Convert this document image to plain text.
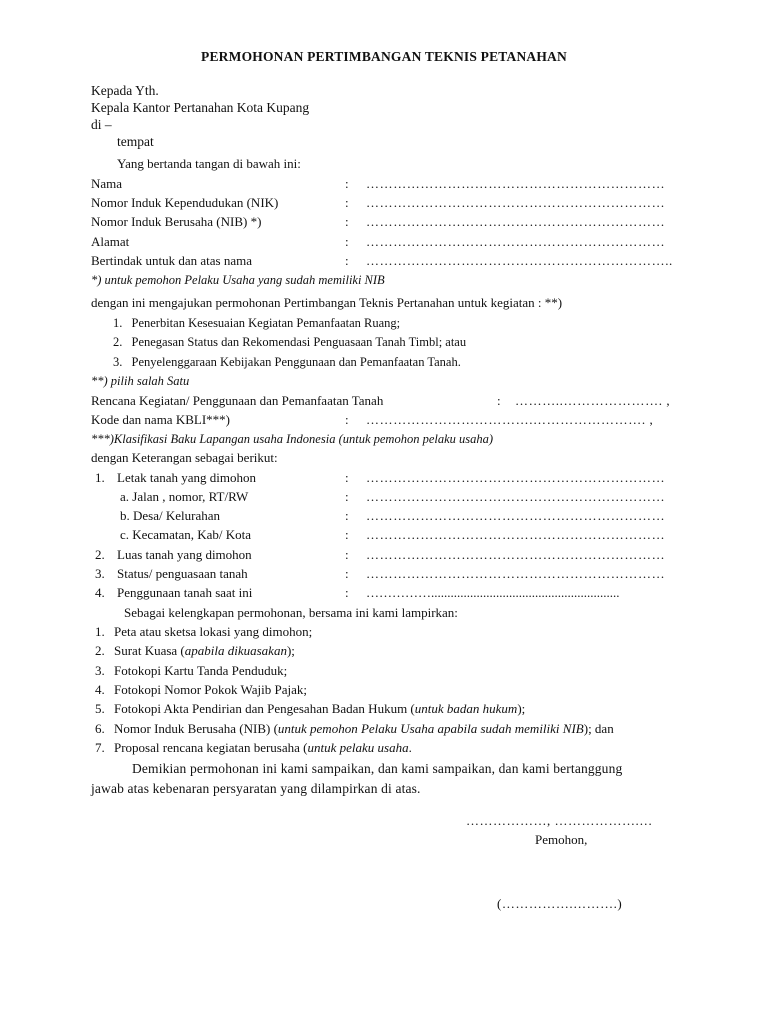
PERMOHONAN PERTIMBANGAN TEKNIS PETANAHAN
Kepada Yth.
Kepala Kantor Pertanahan Kota Kupang
di –
tempat
Yang bertanda tangan di bawah ini:
Nama	: …………………………………………………………
Nomor Induk Kependudukan (NIK)	: …………………………………………………………
Nomor Induk Berusaha (NIB) *)	: …………………………………………………………
Alamat	: …………………………………………………………
Bertindak untuk dan atas nama	: …………………………………………………………..
*) untuk pemohon Pelaku Usaha yang sudah memiliki NIB
dengan ini mengajukan permohonan Pertimbangan Teknis Pertanahan untuk kegiatan : **)
1. Penerbitan Kesesuaian Kegiatan Pemanfaatan Ruang;
2. Penegasan Status dan Rekomendasi Penguasaan Tanah Timbl; atau
3. Penyelenggaraan Kebijakan Penggunaan dan Pemanfaatan Tanah.
**) pilih salah Satu
Rencana Kegiatan/ Penggunaan dan Pemanfaatan Tanah	: ………..…………………. ,
Kode dan nama KBLI***)	: ……………………………….……………………. ,
***)Klasifikasi Baku Lapangan usaha Indonesia (untuk pemohon pelaku usaha)
dengan Keterangan sebagai berikut:
1. Letak tanah yang dimohon	: …………………………………………………………
a. Jalan , nomor, RT/RW	: …………………………………………………………
b. Desa/ Kelurahan	: …………………………………………………………
c. Kecamatan, Kab/ Kota	: …………………………………………………………
2. Luas tanah yang dimohon	: …………………………………………………………
3. Status/ penguasaan tanah	: …………………………………………………………
4. Penggunaan tanah saat ini	: ……………..........................................................
Sebagai kelengkapan permohonan, bersama ini kami lampirkan:
1. Peta atau sketsa lokasi yang dimohon;
2. Surat Kuasa (apabila dikuasakan);
3. Fotokopi Kartu Tanda Penduduk;
4. Fotokopi Nomor Pokok Wajib Pajak;
5. Fotokopi Akta Pendirian dan Pengesahan Badan Hukum (untuk badan hukum);
6. Nomor Induk Berusaha (NIB) (untuk pemohon Pelaku Usaha apabila sudah memiliki NIB); dan
7. Proposal rencana kegiatan berusaha (untuk pelaku usaha.
Demikian permohonan ini kami sampaikan, dan kami sampaikan, dan kami bertanggung
jawab atas kebenaran persyaratan yang dilampirkan di atas.
………………, ……………….…
Pemohon,
(…………….……….)
